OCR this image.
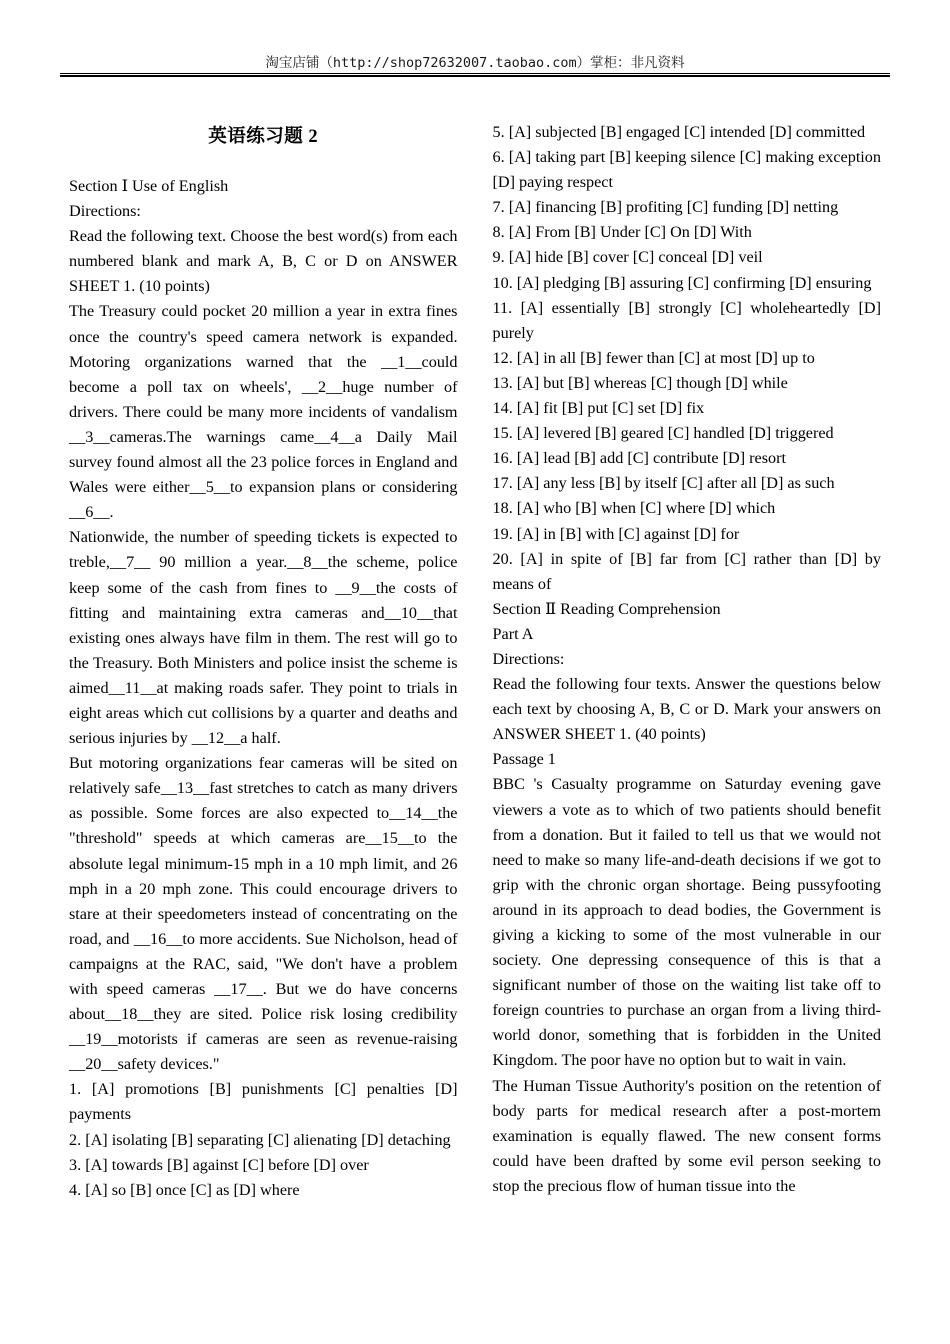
淘宝店铺（http://shop72632007.taobao.com）掌柜：非凡资料
英语练习题 2

Section Ⅰ Use of English

Directions:

Read the following text. Choose the best word(s) from each numbered blank and mark A, B, C or D on ANSWER SHEET 1. (10 points)

The Treasury could pocket 20 million a year in extra fines once the country's speed camera network is expanded. Motoring organizations warned that the __1__could become a poll tax on wheels', __2__huge number of drivers. There could be many more incidents of vandalism __3__cameras.The warnings came__4__a Daily Mail survey found almost all the 23 police forces in England and Wales were either__5__to expansion plans or considering __6__.

Nationwide, the number of speeding tickets is expected to treble,__7__ 90 million a year.__8__the scheme, police keep some of the cash from fines to __9__the costs of fitting and maintaining extra cameras and__10__that existing ones always have film in them. The rest will go to the Treasury. Both Ministers and police insist the scheme is aimed__11__at making roads safer. They point to trials in eight areas which cut collisions by a quarter and deaths and serious injuries by __12__a half.

But motoring organizations fear cameras will be sited on relatively safe__13__fast stretches to catch as many drivers as possible. Some forces are also expected to__14__the "threshold" speeds at which cameras are__15__to the absolute legal minimum-15 mph in a 10 mph limit, and 26 mph in a 20 mph zone. This could encourage drivers to stare at their speedometers instead of concentrating on the road, and __16__to more accidents. Sue Nicholson, head of campaigns at the RAC, said, "We don't have a problem with speed cameras __17__. But we do have concerns about__18__they are sited. Police risk losing credibility __19__motorists if cameras are seen as revenue-raising __20__safety devices."

1. [A] promotions [B] punishments [C] penalties [D] payments

2. [A] isolating [B] separating [C] alienating [D] detaching

3. [A] towards [B] against [C] before [D] over

4. [A] so [B] once [C] as [D] where

5. [A] subjected [B] engaged [C] intended [D] committed

6. [A] taking part [B] keeping silence [C] making exception [D] paying respect

7. [A] financing [B] profiting [C] funding [D] netting

8. [A] From [B] Under [C] On [D] With

9. [A] hide [B] cover [C] conceal [D] veil

10. [A] pledging [B] assuring [C] confirming [D] ensuring

11. [A] essentially [B] strongly [C] wholeheartedly [D] purely

12. [A] in all [B] fewer than [C] at most [D] up to

13. [A] but [B] whereas [C] though [D] while

14. [A] fit [B] put [C] set [D] fix

15. [A] levered [B] geared [C] handled [D] triggered

16. [A] lead [B] add [C] contribute [D] resort

17. [A] any less [B] by itself [C] after all [D] as such

18. [A] who [B] when [C] where [D] which

19. [A] in [B] with [C] against [D] for

20. [A] in spite of [B] far from [C] rather than [D] by means of

Section Ⅱ Reading Comprehension

Part A

Directions:

Read the following four texts. Answer the questions below each text by choosing A, B, C or D. Mark your answers on ANSWER SHEET 1. (40 points)

Passage 1

BBC 's Casualty programme on Saturday evening gave viewers a vote as to which of two patients should benefit from a donation. But it failed to tell us that we would not need to make so many life-and-death decisions if we got to grip with the chronic organ shortage. Being pussyfooting around in its approach to dead bodies, the Government is giving a kicking to some of the most vulnerable in our society. One depressing consequence of this is that a significant number of those on the waiting list take off to foreign countries to purchase an organ from a living third-world donor, something that is forbidden in the United Kingdom. The poor have no option but to wait in vain.

The Human Tissue Authority's position on the retention of body parts for medical research after a post-mortem examination is equally flawed. The new consent forms could have been drafted by some evil person seeking to stop the precious flow of human tissue into the
